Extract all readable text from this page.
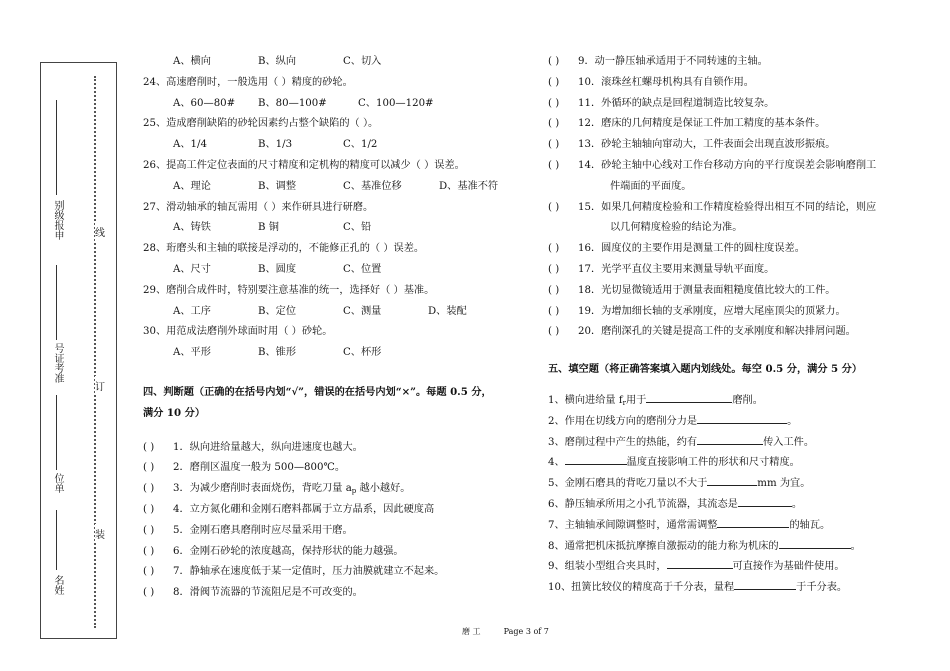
别级报申
号证考准
位单
名姓
线
订
装
A、横向	B、纵向	C、切入
24、高速磨削时，一般选用（ ）精度的砂轮。
A、60—80# B、80—100#	C、100—120#
25、造成磨削缺陷的砂轮因素约占整个缺陷的（ ）。
A、1/4	B、1/3	C、1/2
26、提高工件定位表面的尺寸精度和定机构的精度可以减少（ ）误差。
A、理论	B、调整	C、基准位移	D、基准不符
27、滑动轴承的轴瓦需用（ ）来作研具进行研磨。
A、铸铁	B 铜	C、铅
28、珩磨头和主轴的联接是浮动的，不能修正孔的（ ）误差。
A、尺寸	B、圆度	C、位置
29、磨削合成件时，特别要注意基准的统一，选择好（ ）基准。
A、工序	B、定位	C、测量	D、装配
30、用范成法磨削外球面时用（ ）砂轮。
A、平形	B、锥形	C、杯形
四、判断题（正确的在括号内划“√”，错误的在括号内划“×”。每题 0.5 分，
满分 10 分）
( ) 1．纵向进给量越大，纵向进速度也越大。
( ) 2．磨削区温度一般为 500—800℃。
( ) 3．为减少磨削时表面烧伤，背吃刀量 $a_p$ 越小越好。
( ) 4．立方氮化硼和金刚石磨料都属于立方晶系，因此硬度高
( ) 5．金刚石磨具磨削时应尽量采用干磨。
( ) 6．金刚石砂轮的浓度越高，保持形状的能力越强。
( ) 7．静轴承在速度低于某一定值时，压力油膜就建立不起来。
( ) 8．滑阀节流器的节流阻尼是不可改变的。
( ) 9．动一静压轴承适用于不同转速的主轴。
( ) 10．滚珠丝杠螺母机构具有自锁作用。
( ) 11．外循环的缺点是回程道制造比较复杂。
( ) 12．磨床的几何精度是保证工件加工精度的基本条件。
( ) 13．砂轮主轴轴向窜动大，工件表面会出现直波形振痕。
( ) 14．砂轮主轴中心线对工作台移动方向的平行度误差会影响磨削工
件端面的平面度。
( ) 15．如果几何精度检验和工作精度检验得出相互不同的结论，则应
以几何精度检验的结论为准。
( ) 16．圆度仪的主要作用是测量工件的圆柱度误差。
( ) 17．光学平直仪主要用来测量导轨平面度。
( ) 18．光切显微镜适用于测量表面粗糙度值比较大的工件。
( ) 19．为增加细长轴的支承刚度，应增大尾座顶尖的顶紧力。
( ) 20．磨削深孔的关键是提高工件的支承刚度和解决排屑问题。
五、填空题（将正确答案填入题内划线处。每空 0.5 分，满分 5 分）
1、横向进给量 $f_r$用于	磨削。
2、作用在切线方向的磨削分力是	。
3、磨削过程中产生的热能，约有	传入工件。
4、	温度直接影响工件的形状和尺寸精度。
5、金刚石磨具的背吃刀量以不大于	mm 为宜。
6、静压轴承所用之小孔节流器，其流态是	。
7、主轴轴承间隙调整时，通常需调整	的轴瓦。
8、通常把机床抵抗摩擦自激振动的能力称为机床的	。
9、组装小型组合夹具时，	可直接作为基础件使用。
10、扭簧比较仪的精度高于千分表，量程	于千分表。
磨 工	Page 3 of 7
